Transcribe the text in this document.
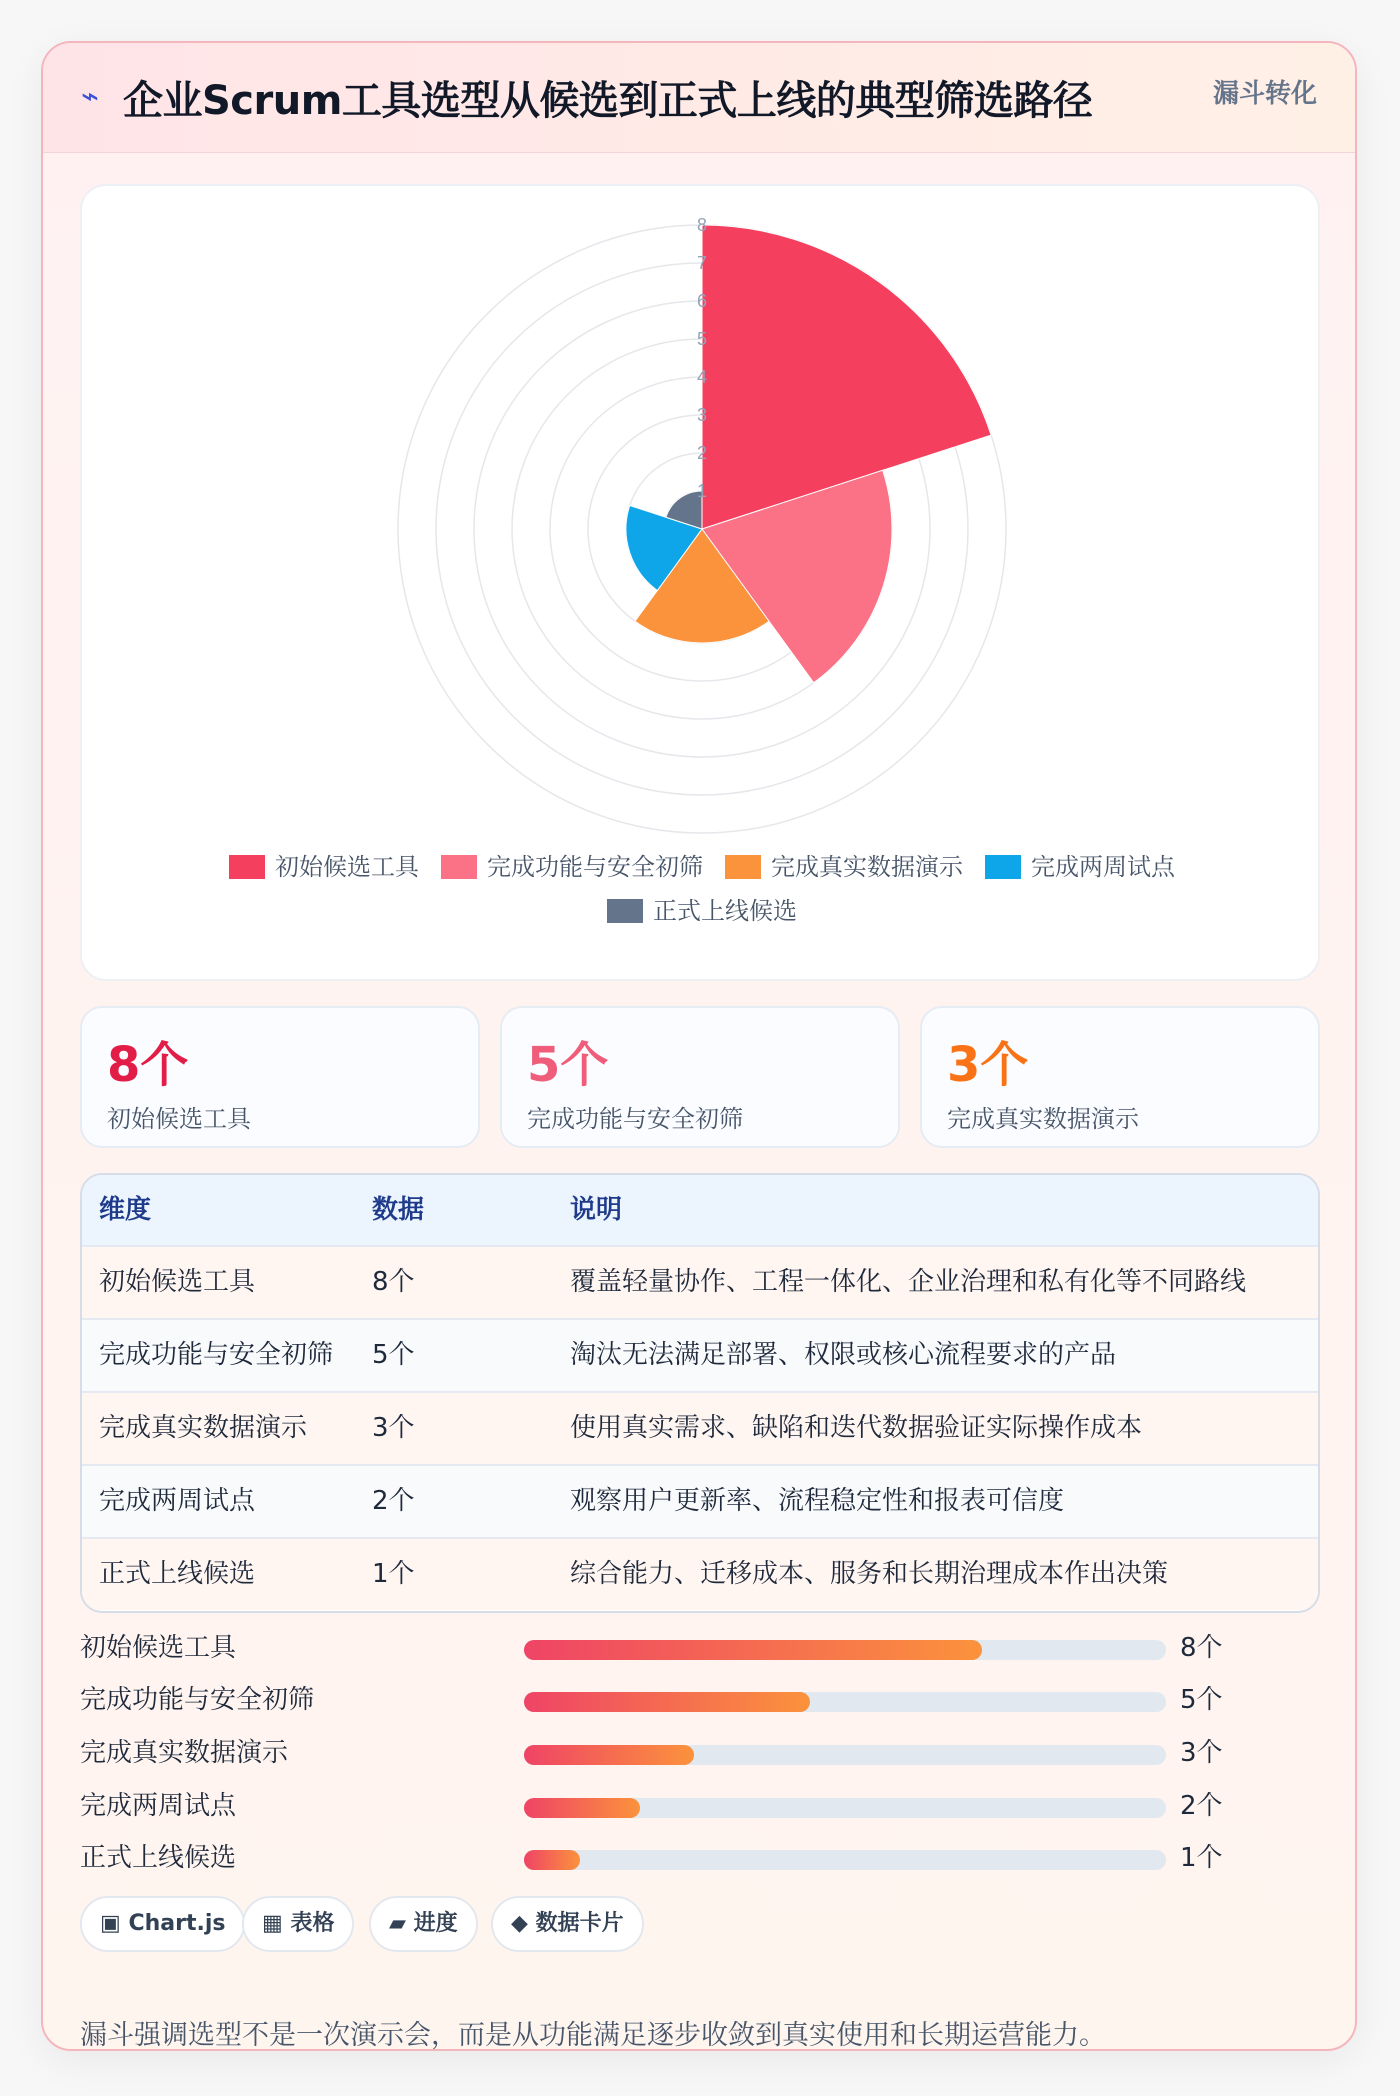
⌁ 企业Scrum工具选型从候选到正式上线的典型筛选路径	漏斗转化
1
2
3
4
5
6
7
8
初始候选工具	完成功能与安全初筛	完成真实数据演示	完成两周试点
正式上线候选
8个
初始候选工具
5个
完成功能与安全初筛
3个
完成真实数据演示
维度	数据	说明
初始候选工具	8个	覆盖轻量协作、工程一体化、企业治理和私有化等不同路线
完成功能与安全初筛 5个	淘汰无法满足部署、权限或核心流程要求的产品
完成真实数据演示 3个	使用真实需求、缺陷和迭代数据验证实际操作成本
完成两周试点	2个	观察用户更新率、流程稳定性和报表可信度
正式上线候选	1个	综合能力、迁移成本、服务和长期治理成本作出决策
初始候选工具	8个
完成功能与安全初筛	5个
完成真实数据演示	3个
完成两周试点	2个
正式上线候选	1个
▣ Chart.js	▦ 表格	▰ 进度	◆ 数据卡片
漏斗强调选型不是一次演示会，而是从功能满足逐步收敛到真实使用和长期运营能力。
